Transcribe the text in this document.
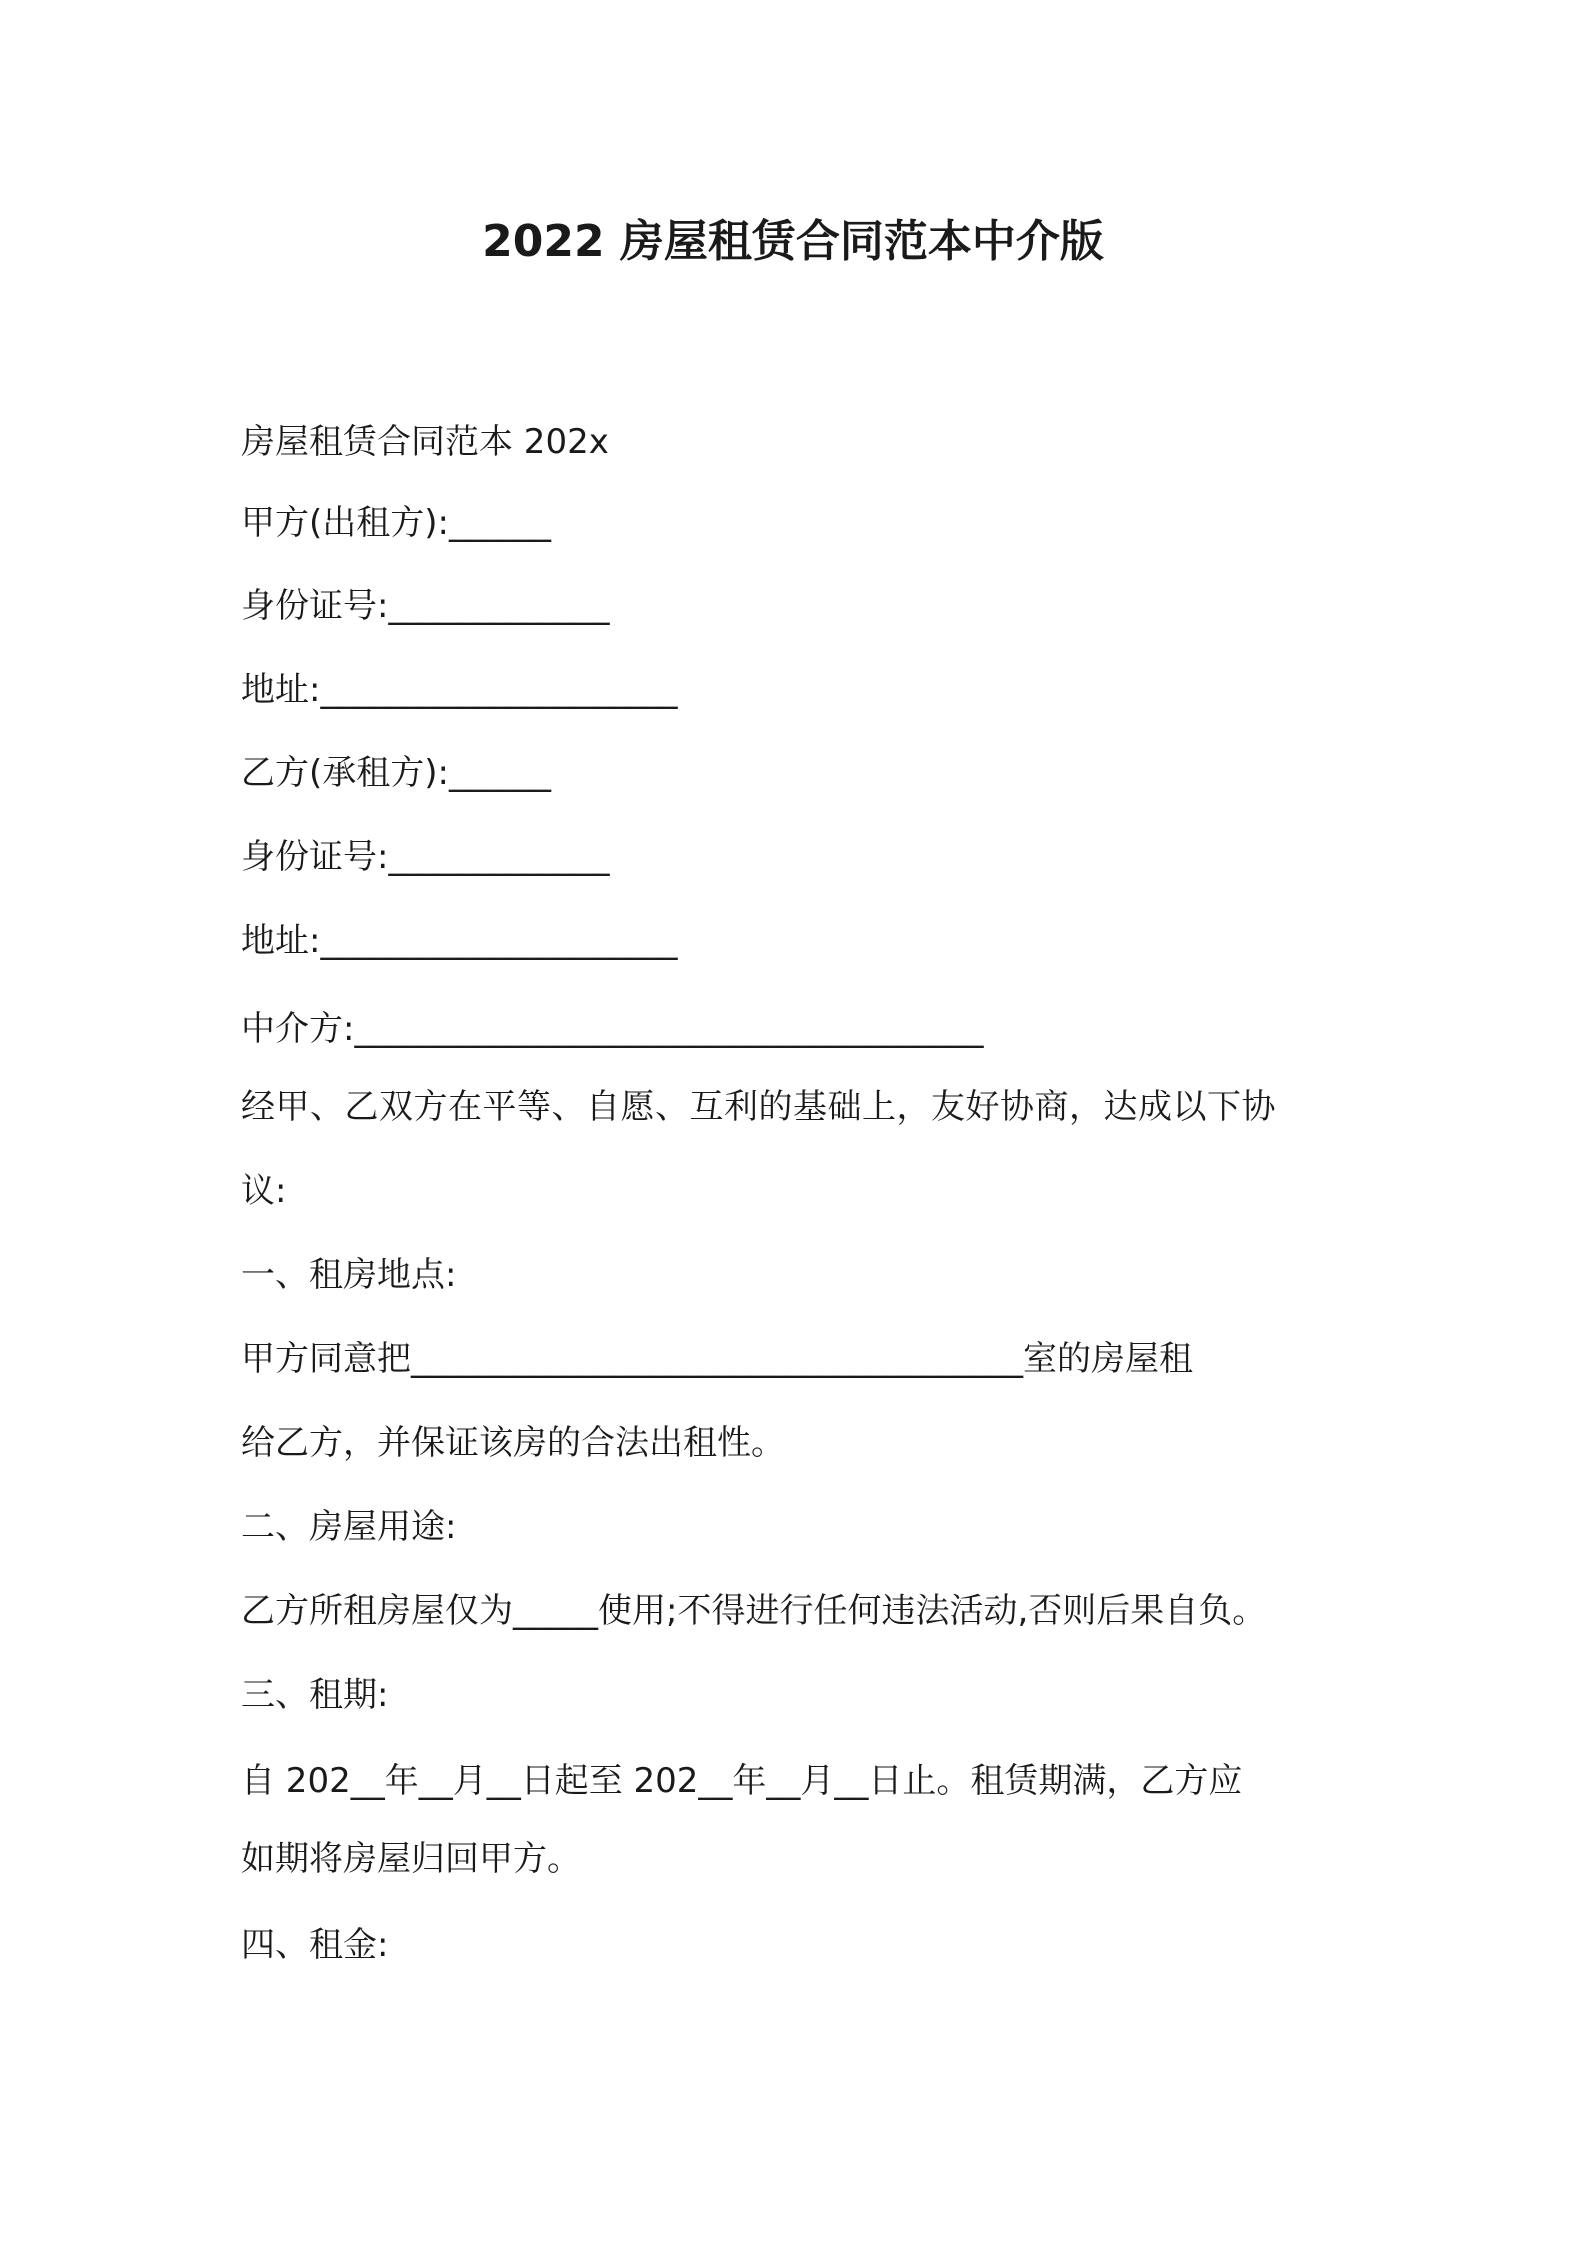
2022 房屋租赁合同范本中介版
房屋租赁合同范本 202x
甲方(出租方):______
身份证号:_____________
地址:_____________________
乙方(承租方):______
身份证号:_____________
地址:_____________________
中介方:_____________________________________
经甲、乙双方在平等、自愿、互利的基础上，友好协商，达成以下协
议:
一、租房地点:
甲方同意把____________________________________室的房屋租
给乙方，并保证该房的合法出租性。
二、房屋用途:
乙方所租房屋仅为_____使用;不得进行任何违法活动,否则后果自负。
三、租期:
自 202__年__月__日起至 202__年__月__日止。租赁期满，乙方应
如期将房屋归回甲方。
四、租金:
